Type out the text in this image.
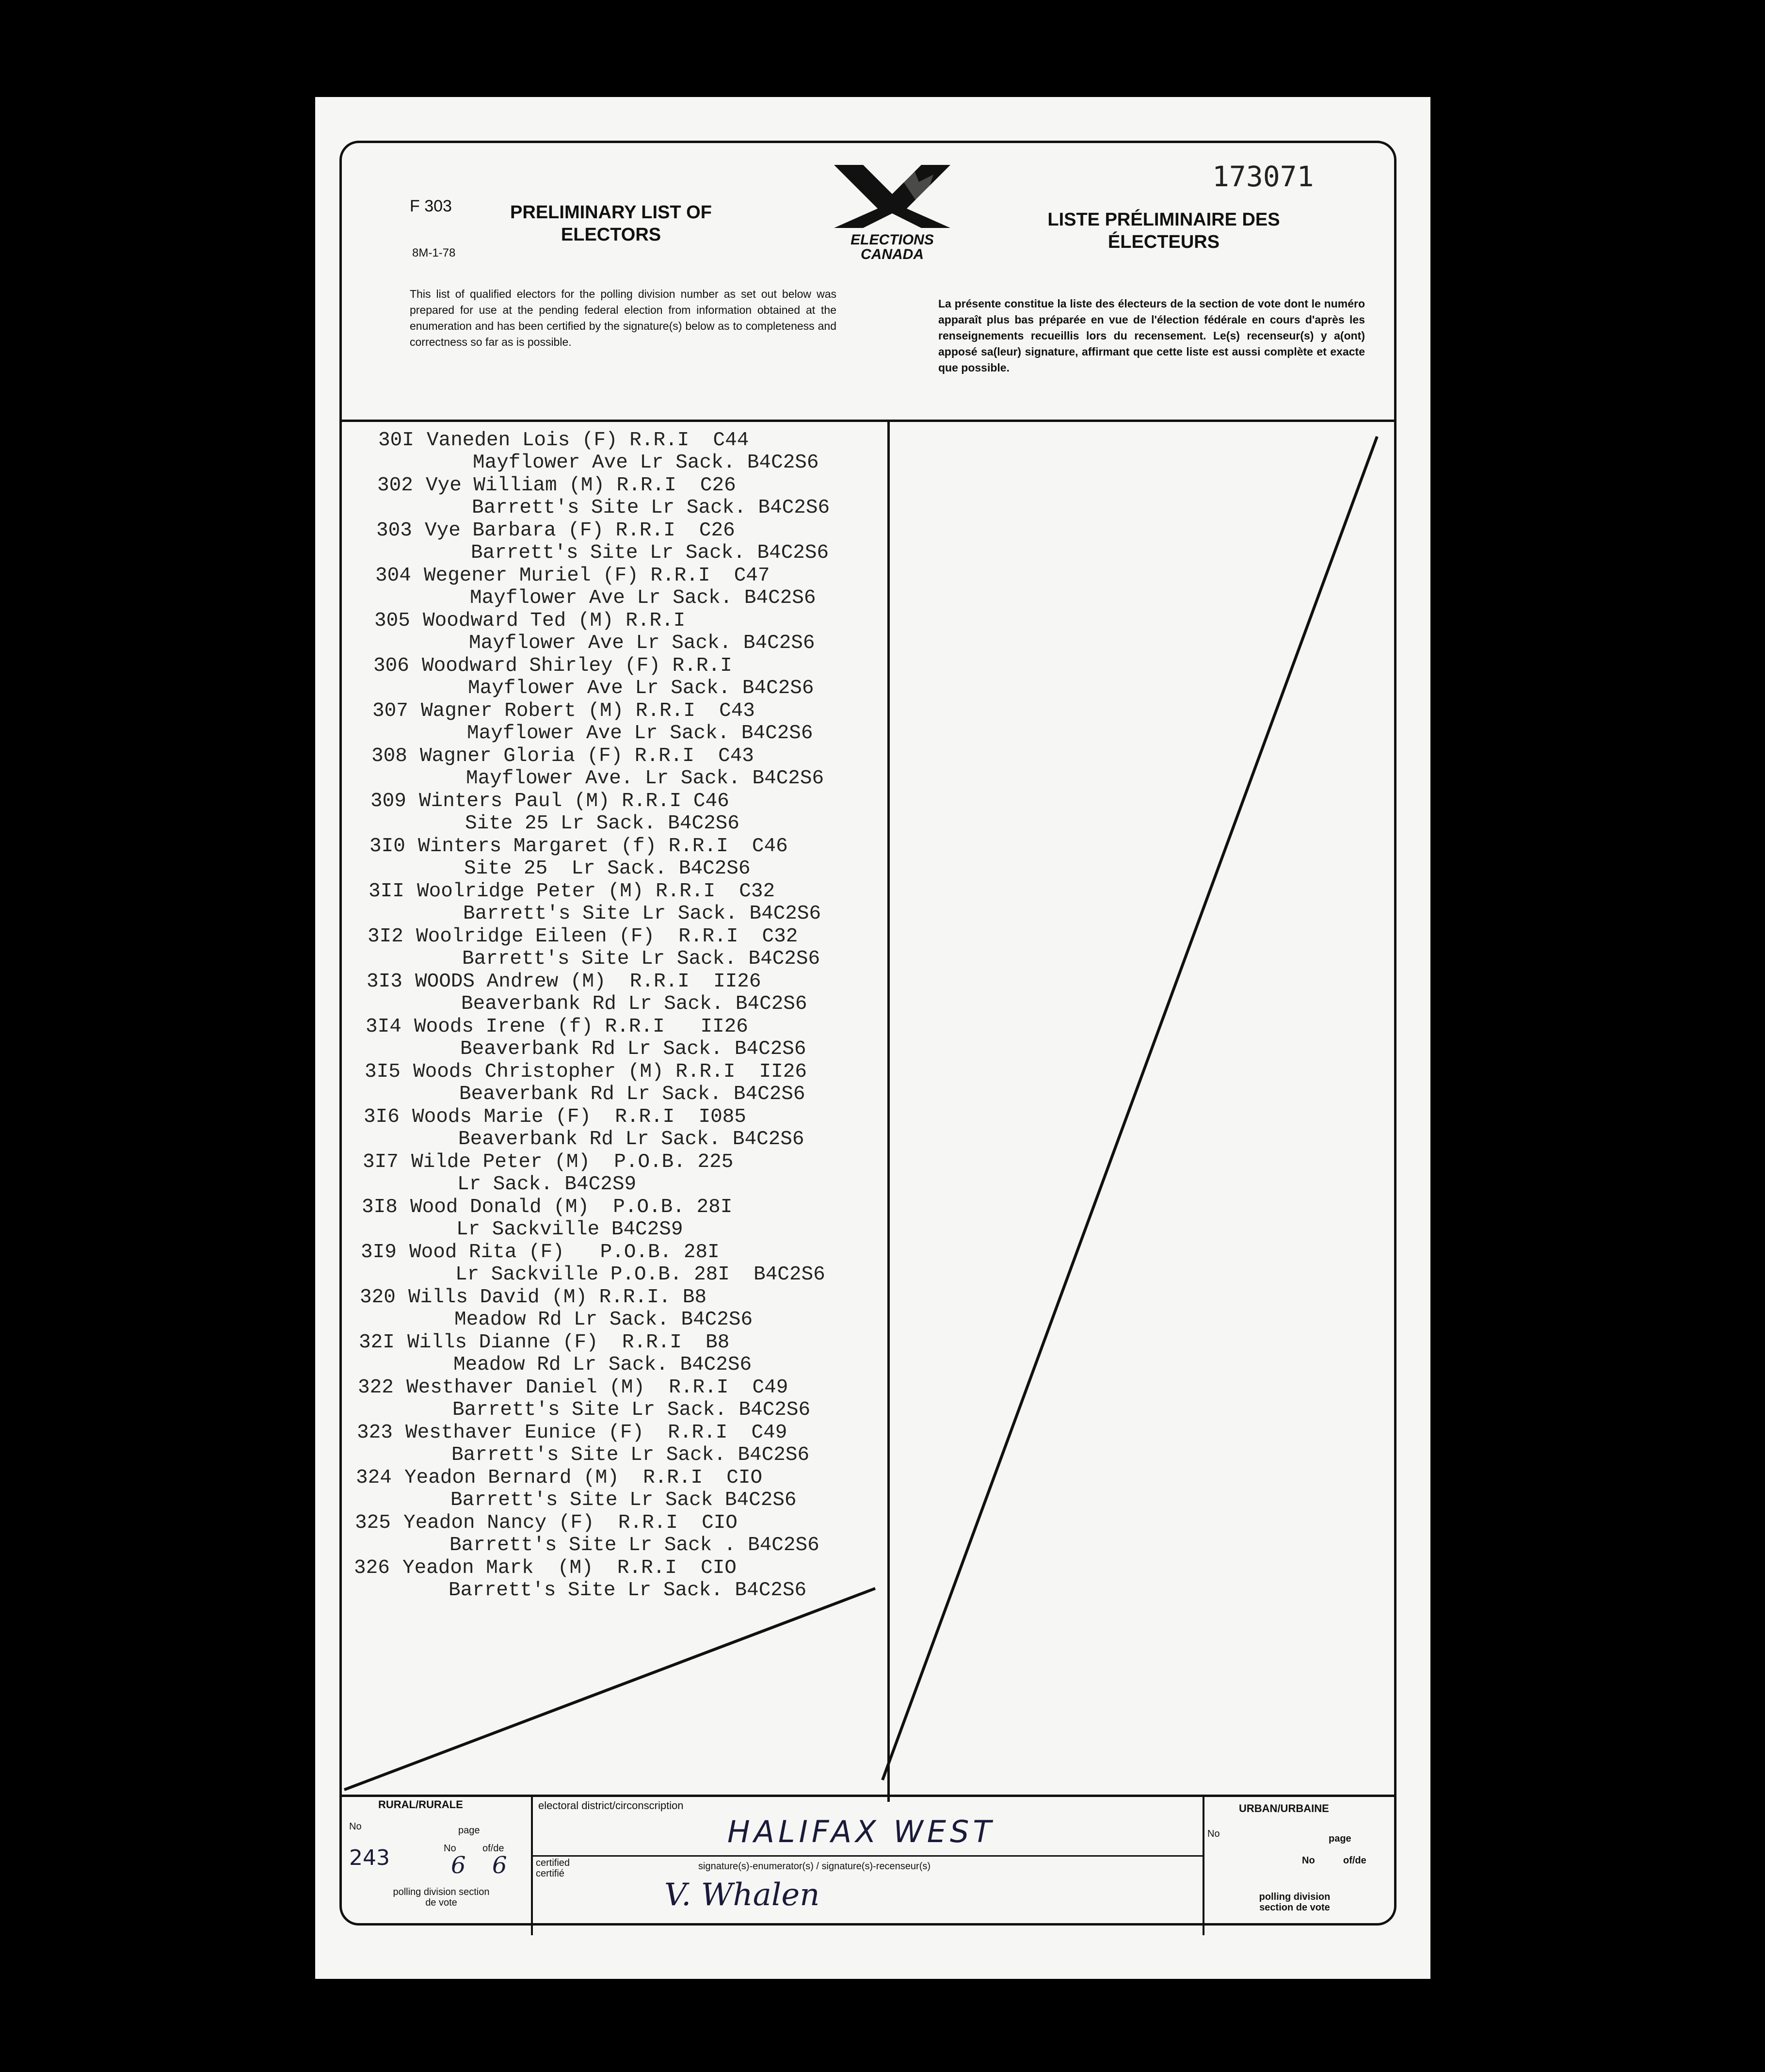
F 303
8M-1-78
PRELIMINARY LIST OF ELECTORS	ELECTIONS CANADA
173071
LISTE PRÉLIMINAIRE DES ÉLECTEURS
This list of qualified electors for the polling division number as set out below was prepared for use at the pending federal election from information obtained at the enumeration and has been certified by the signature(s) below as to completeness and correctness so far as is possible.
La présente constitue la liste des électeurs de la section de vote dont le numéro apparaît plus bas préparée en vue de l'élection fédérale en cours d'après les renseignements recueillis lors du recensement. Le(s) recenseur(s) y a(ont) apposé sa(leur) signature, affirmant que cette liste est aussi complète et exacte que possible.
30I Vaneden Lois (F) R.R.I  C44
Mayflower Ave Lr Sack. B4C2S6
302 Vye William (M) R.R.I  C26
Barrett's Site Lr Sack. B4C2S6
303 Vye Barbara (F) R.R.I  C26
Barrett's Site Lr Sack. B4C2S6
304 Wegener Muriel (F) R.R.I  C47
Mayflower Ave Lr Sack. B4C2S6
305 Woodward Ted (M) R.R.I
Mayflower Ave Lr Sack. B4C2S6
306 Woodward Shirley (F) R.R.I
Mayflower Ave Lr Sack. B4C2S6
307 Wagner Robert (M) R.R.I  C43
Mayflower Ave Lr Sack. B4C2S6
308 Wagner Gloria (F) R.R.I  C43
Mayflower Ave. Lr Sack. B4C2S6
309 Winters Paul (M) R.R.I C46
Site 25 Lr Sack. B4C2S6
3I0 Winters Margaret (f) R.R.I  C46
Site 25  Lr Sack. B4C2S6
3II Woolridge Peter (M) R.R.I  C32
Barrett's Site Lr Sack. B4C2S6
3I2 Woolridge Eileen (F)  R.R.I  C32
Barrett's Site Lr Sack. B4C2S6
3I3 WOODS Andrew (M)  R.R.I  II26
Beaverbank Rd Lr Sack. B4C2S6
3I4 Woods Irene (f) R.R.I   II26
Beaverbank Rd Lr Sack. B4C2S6
3I5 Woods Christopher (M) R.R.I  II26
Beaverbank Rd Lr Sack. B4C2S6
3I6 Woods Marie (F)  R.R.I  I085
Beaverbank Rd Lr Sack. B4C2S6
3I7 Wilde Peter (M)  P.O.B. 225
Lr Sack. B4C2S9
3I8 Wood Donald (M)  P.O.B. 28I
Lr Sackville B4C2S9
3I9 Wood Rita (F)   P.O.B. 28I
Lr Sackville P.O.B. 28I  B4C2S6
320 Wills David (M) R.R.I. B8
Meadow Rd Lr Sack. B4C2S6
32I Wills Dianne (F)  R.R.I  B8
Meadow Rd Lr Sack. B4C2S6
322 Westhaver Daniel (M)  R.R.I  C49
Barrett's Site Lr Sack. B4C2S6
323 Westhaver Eunice (F)  R.R.I  C49
Barrett's Site Lr Sack. B4C2S6
324 Yeadon Bernard (M)  R.R.I  CIO
Barrett's Site Lr Sack B4C2S6
325 Yeadon Nancy (F)  R.R.I  CIO
Barrett's Site Lr Sack . B4C2S6
326 Yeadon Mark  (M)  R.R.I  CIO
Barrett's Site Lr Sack. B4C2S6
RURAL/RURALE
No	page
No	of/de
243	6 6
polling division section de vote
electoral district/circonscription
HALIFAX WEST
certified certifié
signature(s)-enumerator(s) / signature(s)-recenseur(s)
V. Whalen
URBAN/URBAINE
No	page
No	of/de
polling division section de vote
